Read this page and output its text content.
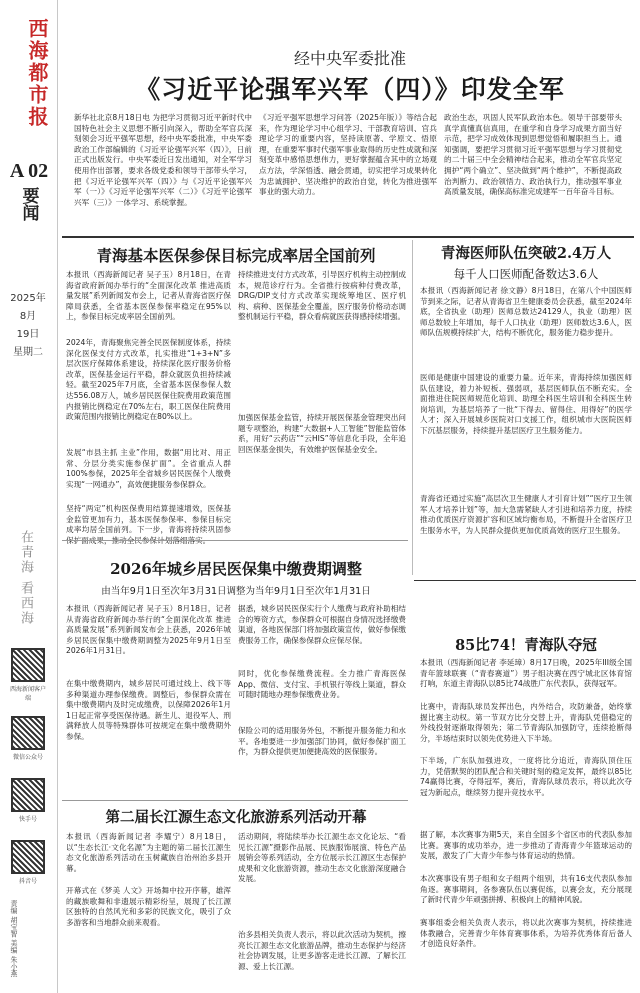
西海都市报
A 02
要闻
2025年
8月
19日
星期二
在青海 看西海
西海新闻客户端
微信公众号
快手号
抖音号
责编 胡宝智 美编 朱小燕
经中央军委批准
《习近平论强军兴军（四）》印发全军

新华社北京8月18日电 为把学习贯彻习近平新时代中国特色社会主义思想不断引向深入，帮助全军官兵深刻领会习近平强军思想，经中央军委批准，中央军委政治工作部编辑的《习近平论强军兴军（四）》，日前正式出版发行。中央军委近日发出通知，对全军学习使用作出部署，要求各级党委和领导干部带头学习，把《习近平论强军兴军（四）》与《习近平论强军兴军（一）》《习近平论强军兴军（二）》《习近平论强军兴军（三）》一体学习、系统掌握。

《习近平强军思想学习问答（2025年版）》等结合起来，作为理论学习中心组学习、干部教育培训、官兵理论学习的重要内容，坚持读原著、学原文、悟原理，在重要军事时代强军事业取得的历史性成就和深刻变革中感悟思想伟力，更好掌握蕴含其中的立场观点方法，学深悟透、融会贯通，切实把学习成果转化为忠诚拥护、坚决维护的政治自觉，转化为推进强军事业的强大动力。

政治生态，巩固人民军队政治本色。领导干部要带头真学真懂真信真用，在重学和自身学习成果方面当好示范，把学习成效体现到思想觉悟和履职担当上。通知强调，要把学习贯彻习近平强军思想与学习贯彻党的二十届三中全会精神结合起来，推动全军官兵坚定拥护“两个确立”、坚决做到“两个维护”，不断提高政治判断力、政治领悟力、政治执行力，推动强军事业高质量发展，确保高标准完成建军一百年奋斗目标。

青海基本医保参保目标完成率居全国前列

本报讯（西海新闻记者 吴子玉）8月18日，在青海省政府新闻办举行的“全面深化改革 推进高质量发展”系列新闻发布会上，记者从青海省医疗保障局获悉，全省基本医保参保率稳定在95%以上，参保目标完成率居全国前列。

2024年，青海聚焦完善全民医保制度体系，持续深化医保支付方式改革，扎实推进“1+3+N”多层次医疗保障体系建设，持续深化医疗服务价格改革，医保基金运行平稳，群众就医负担持续减轻。截至2025年7月底，全省基本医保参保人数达556.08万人，城乡居民医保住院费用政策范围内报销比例稳定在70%左右，职工医保住院费用政策范围内报销比例稳定在80%以上。

发展“市县主抓 主业”作用，数据“用比对、用正常、分层分类实施参保扩面”。全省重点人群100%参保，2025年全省城乡居民医保个人缴费实现“一网通办”，高效便捷服务参保群众。

坚持“两定”机构医保费用结算提速增效，医保基金监管更加有力，基本医保参保率、参保目标完成率均居全国前列。下一步，青海将持续巩固参

持续推进支付方式改革，引导医疗机构主动控制成本，规范诊疗行为。全省推行按病种付费改革，DRG/DIP支付方式改革实现统筹地区、医疗机构、病种、医保基金全覆盖，医疗服务价格动态调整机制运行平稳，群众看病就医获得感持续增强。

加强医保基金监管，持续开展医保基金管理突出问题专项整治，构建“大数据+人工智能”智能监管体系，用好“云药店”“云HIS”等信息化手段，全年追回医保基金损失，有效维护医保基金安全。

青海医师队伍突破2.4万人
每千人口医师配备数达3.6人

本报讯（西海新闻记者 徐文静）8月18日，在第八个中国医师节到来之际，记者从青海省卫生健康委员会获悉，截至2024年底，全省执业（助理）医师总数达24129人，执业（助理）医师总数较上年增加，每千人口执业（助理）医师数达3.6人，医师队伍规模持续扩大，结构不断优化，服务能力稳步提升。

医师是健康中国建设的重要力量。近年来，青海持续加强医师队伍建设，着力补短板、强弱项，基层医师队伍不断充实。全面推进住院医师规范化培训、助理全科医生培训和全科医生转岗培训，为基层培养了一批“下得去、留得住、用得好”的医学人才；深入开展城乡医院对口支援工作，组织城市大医院医师下沉基层服务，持续提升基层医疗卫生服务能力。

青海省还通过实施“高层次卫生健康人才引育计划”“医疗卫生领军人才培养计划”等，加大急需紧缺人才引进和培养力度，持续推动优质医疗资源扩容和区域均衡布局，不断提升全省医疗卫生服务水平，为人民群众提供更加优质高效的医疗卫生服务。

2026年城乡居民医保集中缴费期调整
由当年9月1日至次年3月31日调整为当年9月1日至次年1月31日

本报讯（西海新闻记者 吴子玉）8月18日，记者从青海省政府新闻办举行的“全面深化改革 推进高质量发展”系列新闻发布会上获悉，2026年城乡居民医保集中缴费期调整为2025年9月1日至2026年1月31日。

在集中缴费期内，城乡居民可通过线上、线下等多种渠道办理参保缴费。调整后，参保群众需在集中缴费期内及时完成缴费，以保障2026年1月1日起正常享受医保待遇。新生儿、退役军人、刑满释放人员等特殊群体可按规定在集中缴费期外参保。

据悉，城乡居民医保实行个人缴费与政府补助相结合的筹资方式，参保群众可根据自身情况选择缴费渠道，各地医保部门将加强政策宣传，做好参保缴费服务工作，确保参保群众应保尽保。

同时，优化参保缴费流程。全力推广青海医保App、微信、支付宝、手机银行等线上渠道，群众可随时随地办理参保缴费业务。

保险公司的适用服务外包，不断提升服务能力和水平。各地要进一步加强部门协同，做好参保扩面工作，为群众提供更加便捷高效的医保服务。

85比74！青海队夺冠

本报讯（西海新闻记者 李延璋）8月17日晚，2025年III级全国青年篮球联赛（“青春赛道”）男子组决赛在西宁城北区体育馆打响，东道主青海队以85比74战胜广东代表队，获得冠军。

比赛中，青海队球员发挥出色，内外结合，攻防兼备，始终掌握比赛主动权。第一节双方比分交替上升，青海队凭借稳定的外线投射逐渐取得领先；第二节青海队加强防守，连续抢断得分，半场结束时以领先优势进入下半场。

下半场，广东队加强进攻，一度将比分追近，青海队顶住压力，凭借默契的团队配合和关键时刻的稳定发挥，最终以85比74赢得比赛，夺得冠军，赛后，青海队球员表示，将以此次夺冠为新起点，继续努力提升竞技水平。

据了解，本次赛事为期5天，来自全国多个省区市的代表队参加比赛。赛事的成功举办，进一步推动了青海青少年篮球运动的发展，激发了广大青少年参与体育运动的热情。

本次赛事设有男子组和女子组两个组别，共有16支代表队参加角逐。赛事期间，各参赛队伍以赛促练，以赛会友，充分展现了新时代青少年顽强拼搏、积极向上的精神风貌。

赛事组委会相关负责人表示，将以此次赛事为契机，持续推进体教融合，完善青少年体育赛事体系，为培养优秀体育后备人才创造良好条件。

第二届长江源生态文化旅游系列活动开幕

本报讯（西海新闻记者 李耀宁）8月18日，以“生态长江·文化名源”为主题的第二届长江源生态文化旅游系列活动在玉树藏族自治州治多县开幕。

开幕式在《梦美 人文》开场舞中拉开序幕，雄浑的藏族歌舞和非遗展示精彩纷呈，展现了长江源区独特的自然风光和多彩的民族文化，吸引了众多游客和当地群众前来观看。

活动期间，将陆续举办长江源生态文化论坛、“看见长江源”摄影作品展、民族服饰展演、特色产品展销会等系列活动，全方位展示长江源区生态保护成果和文化旅游资源，推动生态文化旅游深度融合发展。

治多县相关负责人表示，将以此次活动为契机，擦亮长江源生态文化旅游品牌，推动生态保护与经济社会协调发展，让更多游客走进长江源、了解长江源、爱上长江源。
